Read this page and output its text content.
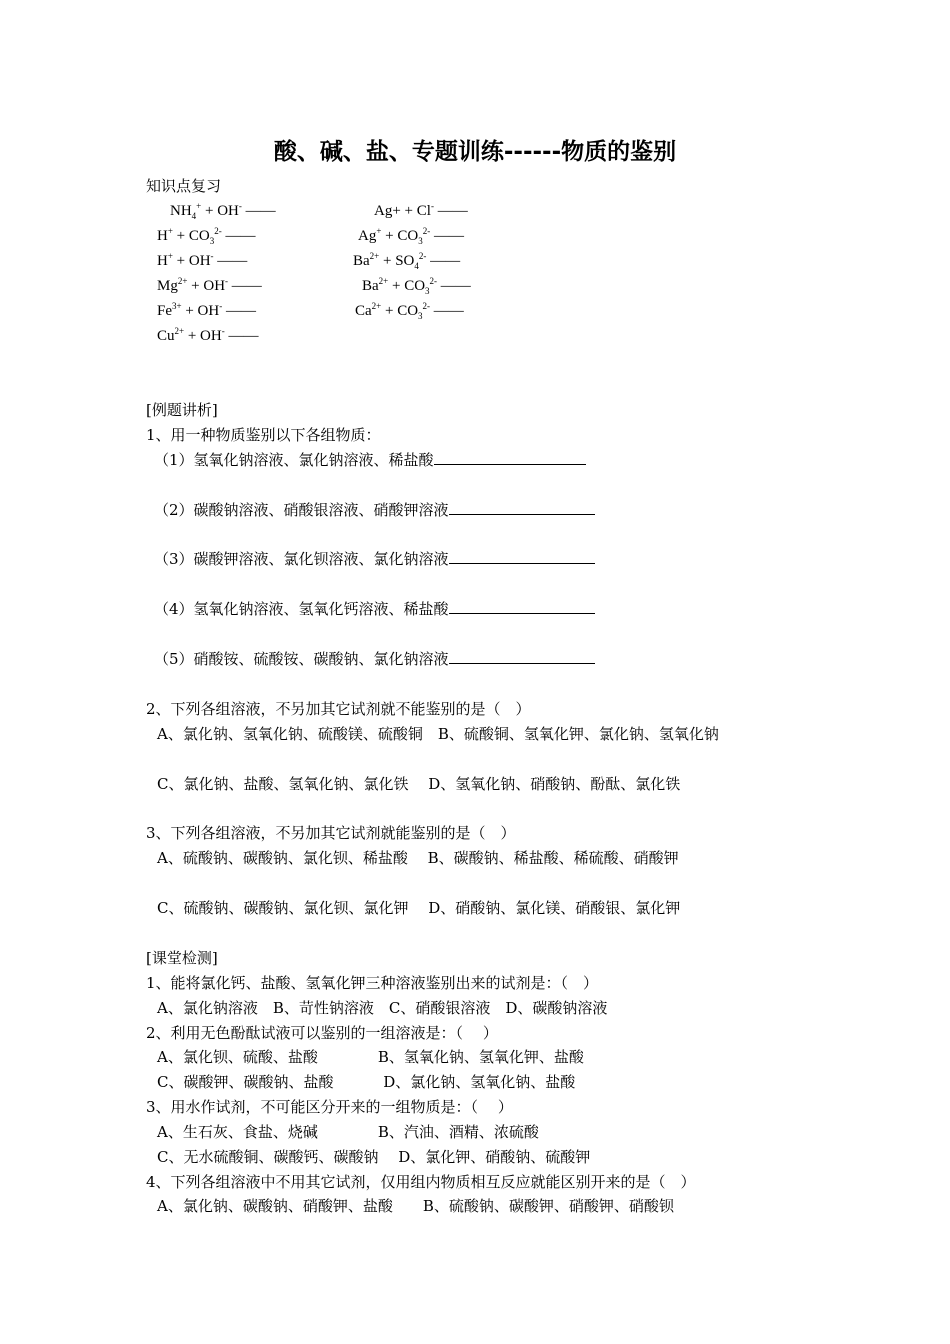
酸、碱、盐、专题训练------物质的鉴别
知识点复习
$NH_4^+ + OH^-$ ——	Ag+ + Cl- ——
$H^+ + CO_3^{2-}$ ——	$Ag^+ + CO_3^{2-}$ ——
H+ + OH- ——	$Ba^{2+} + SO_4^{2-}$ ——
$Mg^{2+} + OH^-$ ——	$Ba^{2+} + CO_3^{2-}$ ——
$Fe^{3+} + OH^-$ ——	$Ca^{2+} + CO_3^{2-}$ ——
$Cu^{2+} + OH^-$ ——
[例题讲析]
1、用一种物质鉴别以下各组物质：
（1）氢氧化钠溶液、氯化钠溶液、稀盐酸
（2）碳酸钠溶液、硝酸银溶液、硝酸钾溶液
（3）碳酸钾溶液、氯化钡溶液、氯化钠溶液
（4）氢氧化钠溶液、氢氧化钙溶液、稀盐酸
（5）硝酸铵、硫酸铵、碳酸钠、氯化钠溶液
2、下列各组溶液，不另加其它试剂就不能鉴别的是（　）
A、氯化钠、氢氧化钠、硫酸镁、硫酸铜　B、硫酸铜、氢氧化钾、氯化钠、氢氧化钠
C、氯化钠、盐酸、氢氧化钠、氯化铁　 D、氢氧化钠、硝酸钠、酚酞、氯化铁
3、下列各组溶液，不另加其它试剂就能鉴别的是（　）
A、硫酸钠、碳酸钠、氯化钡、稀盐酸　 B、碳酸钠、稀盐酸、稀硫酸、硝酸钾
C、硫酸钠、碳酸钠、氯化钡、氯化钾　 D、硝酸钠、氯化镁、硝酸银、氯化钾
[课堂检测]
1、能将氯化钙、盐酸、氢氧化钾三种溶液鉴别出来的试剂是：（　）
A、氯化钠溶液　B、苛性钠溶液　C、硝酸银溶液　D、碳酸钠溶液
2、利用无色酚酞试液可以鉴别的一组溶液是：（　 ）
A、氯化钡、硫酸、盐酸　　　　B、氢氧化钠、氢氧化钾、盐酸
C、碳酸钾、碳酸钠、盐酸　　　 D、氯化钠、氢氧化钠、盐酸
3、用水作试剂，不可能区分开来的一组物质是：（　 ）
A、生石灰、食盐、烧碱　　　　B、汽油、酒精、浓硫酸
C、无水硫酸铜、碳酸钙、碳酸钠　 D、氯化钾、硝酸钠、硫酸钾
4、下列各组溶液中不用其它试剂，仅用组内物质相互反应就能区别开来的是（　）
A、氯化钠、碳酸钠、硝酸钾、盐酸　　B、硫酸钠、碳酸钾、硝酸钾、硝酸钡
